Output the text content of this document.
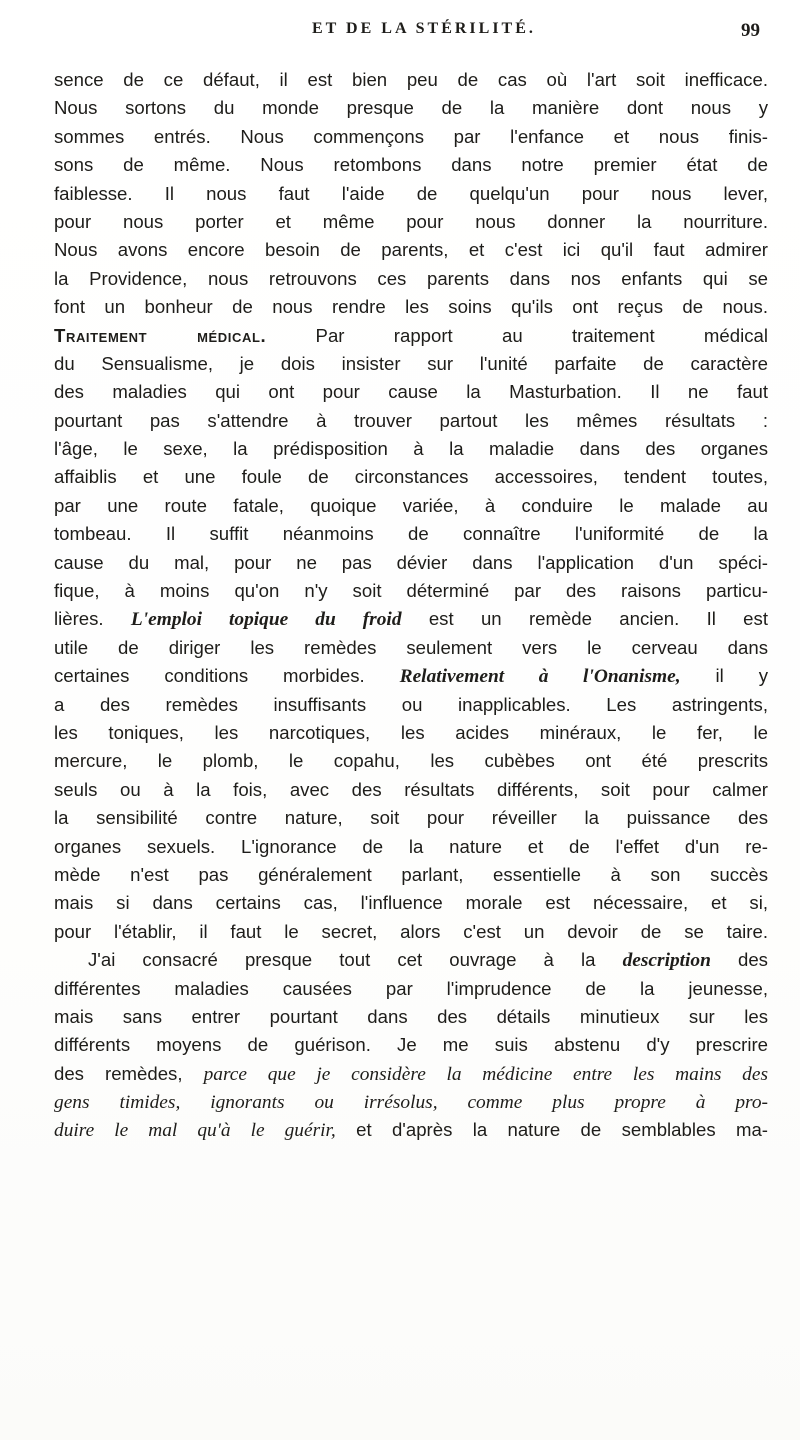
ET DE LA STÉRILITÉ.	99
sence de ce défaut, il est bien peu de cas où l'art soit inefficace.
Nous sortons du monde presque de la manière dont nous y
sommes entrés. Nous commençons par l'enfance et nous finis-
sons de même. Nous retombons dans notre premier état de
faiblesse. Il nous faut l'aide de quelqu'un pour nous lever,
pour nous porter et même pour nous donner la nourriture.
Nous avons encore besoin de parents, et c'est ici qu'il faut admirer
la Providence, nous retrouvons ces parents dans nos enfants qui se
font un bonheur de nous rendre les soins qu'ils ont reçus de nous.
Traitement médical. Par rapport au traitement médical
du Sensualisme, je dois insister sur l'unité parfaite de caractère
des maladies qui ont pour cause la Masturbation. Il ne faut
pourtant pas s'attendre à trouver partout les mêmes résultats :
l'âge, le sexe, la prédisposition à la maladie dans des organes
affaiblis et une foule de circonstances accessoires, tendent toutes,
par une route fatale, quoique variée, à conduire le malade au
tombeau. Il suffit néanmoins de connaître l'uniformité de la
cause du mal, pour ne pas dévier dans l'application d'un spéci-
fique, à moins qu'on n'y soit déterminé par des raisons particu-
lières. L'emploi topique du froid est un remède ancien. Il est
utile de diriger les remèdes seulement vers le cerveau dans
certaines conditions morbides. Relativement à l'Onanisme, il y
a des remèdes insuffisants ou inapplicables. Les astringents,
les toniques, les narcotiques, les acides minéraux, le fer, le
mercure, le plomb, le copahu, les cubèbes ont été prescrits
seuls ou à la fois, avec des résultats différents, soit pour calmer
la sensibilité contre nature, soit pour réveiller la puissance des
organes sexuels. L'ignorance de la nature et de l'effet d'un re-
mède n'est pas généralement parlant, essentielle à son succès
mais si dans certains cas, l'influence morale est nécessaire, et si,
pour l'établir, il faut le secret, alors c'est un devoir de se taire.
J'ai consacré presque tout cet ouvrage à la description des
différentes maladies causées par l'imprudence de la jeunesse,
mais sans entrer pourtant dans des détails minutieux sur les
différents moyens de guérison. Je me suis abstenu d'y prescrire
des remèdes, parce que je considère la médicine entre les mains des
gens timides, ignorants ou irrésolus, comme plus propre à pro-
duire le mal qu'à le guérir, et d'après la nature de semblables ma-
